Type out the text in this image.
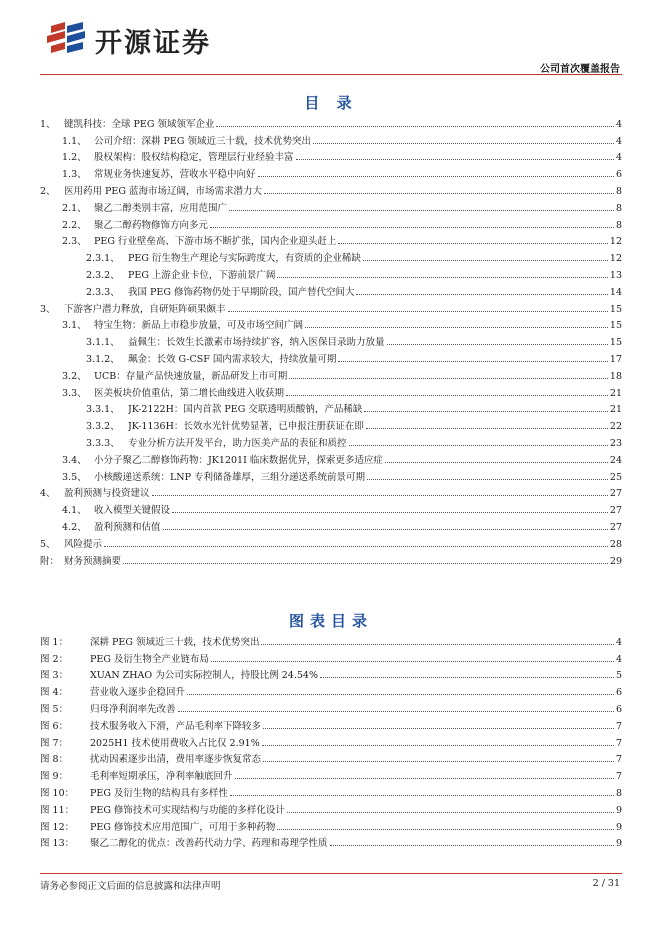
开源证券
公司首次覆盖报告
目 录
1、 键凯科技：全球 PEG 领域领军企业	4
1.1、 公司介绍：深耕 PEG 领域近三十载，技术优势突出	4
1.2、 股权架构：股权结构稳定，管理层行业经验丰富	4
1.3、 常规业务快速复苏，营收水平稳中向好	6
2、 医用药用 PEG 蓝海市场辽阔，市场需求潜力大	8
2.1、 聚乙二醇类别丰富，应用范围广	8
2.2、 聚乙二醇药物修饰方向多元	8
2.3、 PEG 行业壁垒高、下游市场不断扩张，国内企业迎头赶上	12
2.3.1、 PEG 衍生物生产理论与实际跨度大，有资质的企业稀缺	12
2.3.2、 PEG 上游企业卡位，下游前景广阔	13
2.3.3、 我国 PEG 修饰药物仍处于早期阶段，国产替代空间大	14
3、 下游客户潜力释放，自研矩阵硕果颇丰	15
3.1、 特宝生物：新品上市稳步放量，可及市场空间广阔	15
3.1.1、 益佩生：长效生长激素市场持续扩容，纳入医保目录助力放量	15
3.1.2、 珮金：长效 G-CSF 国内需求较大，持续放量可期	17
3.2、 UCB：存量产品快速放量，新品研发上市可期	18
3.3、 医美板块价值重估，第二增长曲线进入收获期	21
3.3.1、 JK-2122H：国内首款 PEG 交联透明质酸钠，产品稀缺	21
3.3.2、 JK-1136H：长效水光针优势显著，已申报注册获证在即	22
3.3.3、 专业分析方法开发平台，助力医美产品的表征和质控	23
3.4、 小分子聚乙二醇修饰药物：JK1201I 临床数据优异，探索更多适应症	24
3.5、 小核酸递送系统：LNP 专利储备雄厚，三组分递送系统前景可期	25
4、 盈利预测与投资建议	27
4.1、 收入模型关键假设	27
4.2、 盈利预测和估值	27
5、 风险提示	28
附： 财务预测摘要	29
图表目录
图 1：	深耕 PEG 领域近三十载，技术优势突出	4
图 2：	PEG 及衍生物全产业链布局	4
图 3：	XUAN ZHAO 为公司实际控制人，持股比例 24.54%	5
图 4：	营业收入逐步企稳回升	6
图 5：	归母净利润率先改善	6
图 6：	技术服务收入下滑，产品毛利率下降较多	7
图 7：	2025H1 技术使用费收入占比仅 2.91%	7
图 8：	扰动因素逐步出清，费用率逐步恢复常态	7
图 9：	毛利率短期承压，净利率触底回升	7
图 10：	PEG 及衍生物的结构具有多样性	8
图 11：	PEG 修饰技术可实现结构与功能的多样化设计	9
图 12：	PEG 修饰技术应用范围广，可用于多种药物	9
图 13：	聚乙二醇化的优点：改善药代动力学、药理和毒理学性质	9
请务必参阅正文后面的信息披露和法律声明	2 / 31
